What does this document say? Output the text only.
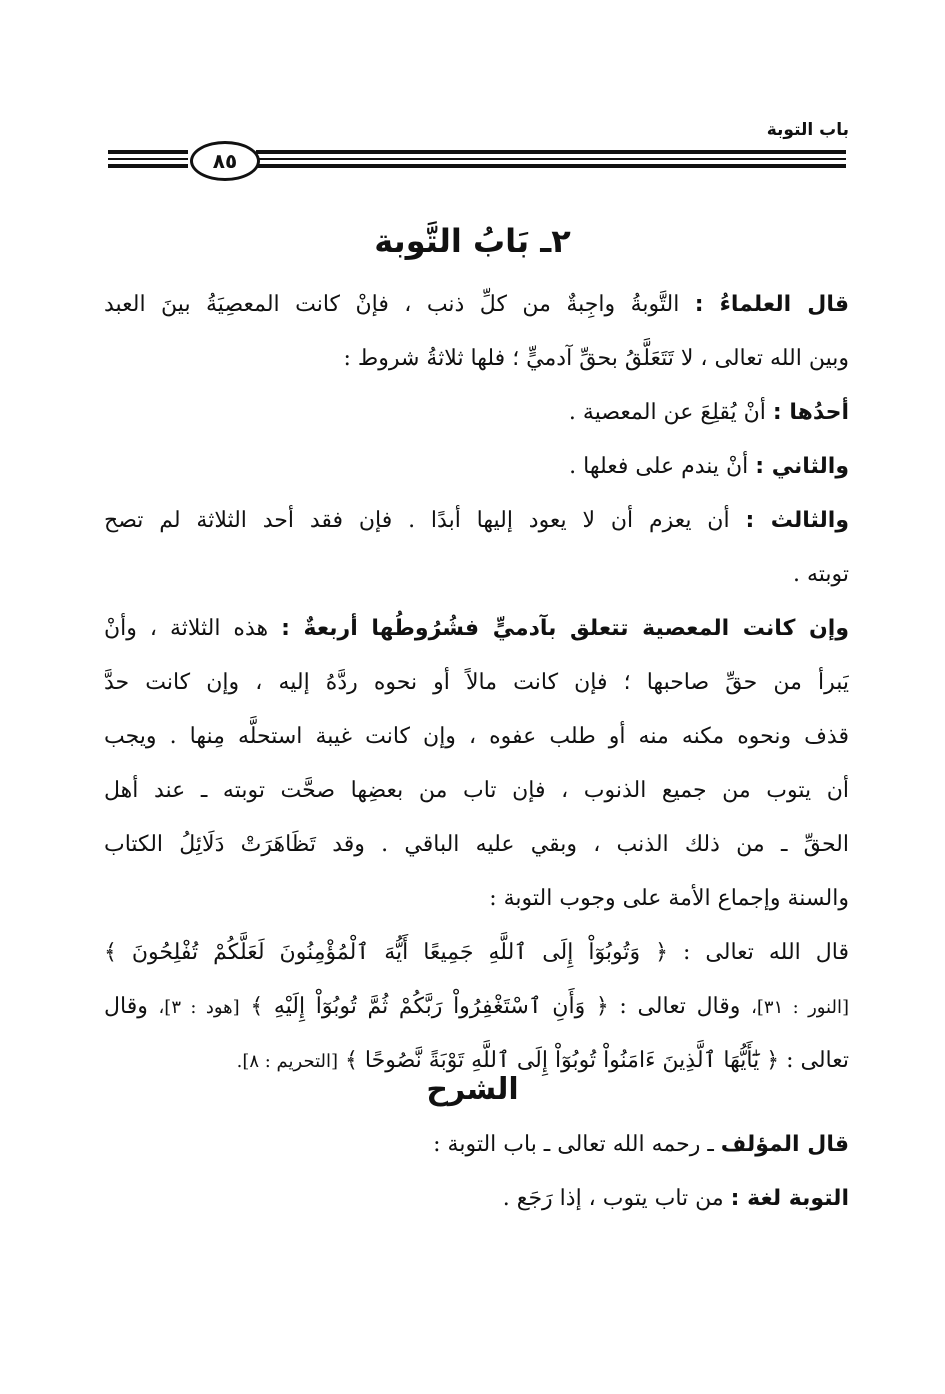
باب التوبة
٨٥
٢ـ بَابُ التَّوبة
قال العلماءُ : التَّوبةُ واجِبةٌ من كلِّ ذنب ، فإنْ كانت المعصِيَةُ بينَ العبد
وبين الله تعالى ، لا تَتَعَلَّقُ بحقِّ آدميٍّ ؛ فلها ثلاثةُ شروط :
أحدُها : أنْ يُقلِعَ عن المعصية .
والثاني : أنْ يندم على فعلها .
والثالث : أن يعزم أن لا يعود إليها أبدًا . فإن فقد أحد الثلاثة لم تصح
توبته .
وإن كانت المعصية تتعلق بآدميٍّ فشُرُوطُها أربعةٌ : هذه الثلاثة ، وأنْ
يَبرأ من حقِّ صاحبها ؛ فإن كانت مالاً أو نحوه ردَّهُ إليه ، وإن كانت حدَّ
قذف ونحوه مكنه منه أو طلب عفوه ، وإن كانت غيبة استحلَّه مِنها . ويجب
أن يتوب من جميع الذنوب ، فإن تاب من بعضِها صحَّت توبته ـ عند أهل
الحقِّ ـ من ذلك الذنب ، وبقي عليه الباقي . وقد تَظَاهَرَتْ دَلَائِلُ الكتاب
والسنة وإجماع الأمة على وجوب التوبة :
قال الله تعالى : ﴿ وَتُوبُوٓاْ إِلَى ٱللَّهِ جَمِيعًا أَيُّهَ ٱلْمُؤْمِنُونَ لَعَلَّكُمْ تُفْلِحُونَ ﴾
[النور : ٣١]، وقال تعالى : ﴿ وَأَنِ ٱسْتَغْفِرُواْ رَبَّكُمْ ثُمَّ تُوبُوٓاْ إِلَيْهِ ﴾ [هود : ٣]، وقال
تعالى : ﴿ يَٰٓأَيُّهَا ٱلَّذِينَ ءَامَنُواْ تُوبُوٓاْ إِلَى ٱللَّهِ تَوْبَةً نَّصُوحًا ﴾ [التحريم : ٨].
الشرح
قال المؤلف ـ رحمه الله تعالى ـ باب التوبة :
التوبة لغة : من تاب يتوب ، إذا رَجَع .
